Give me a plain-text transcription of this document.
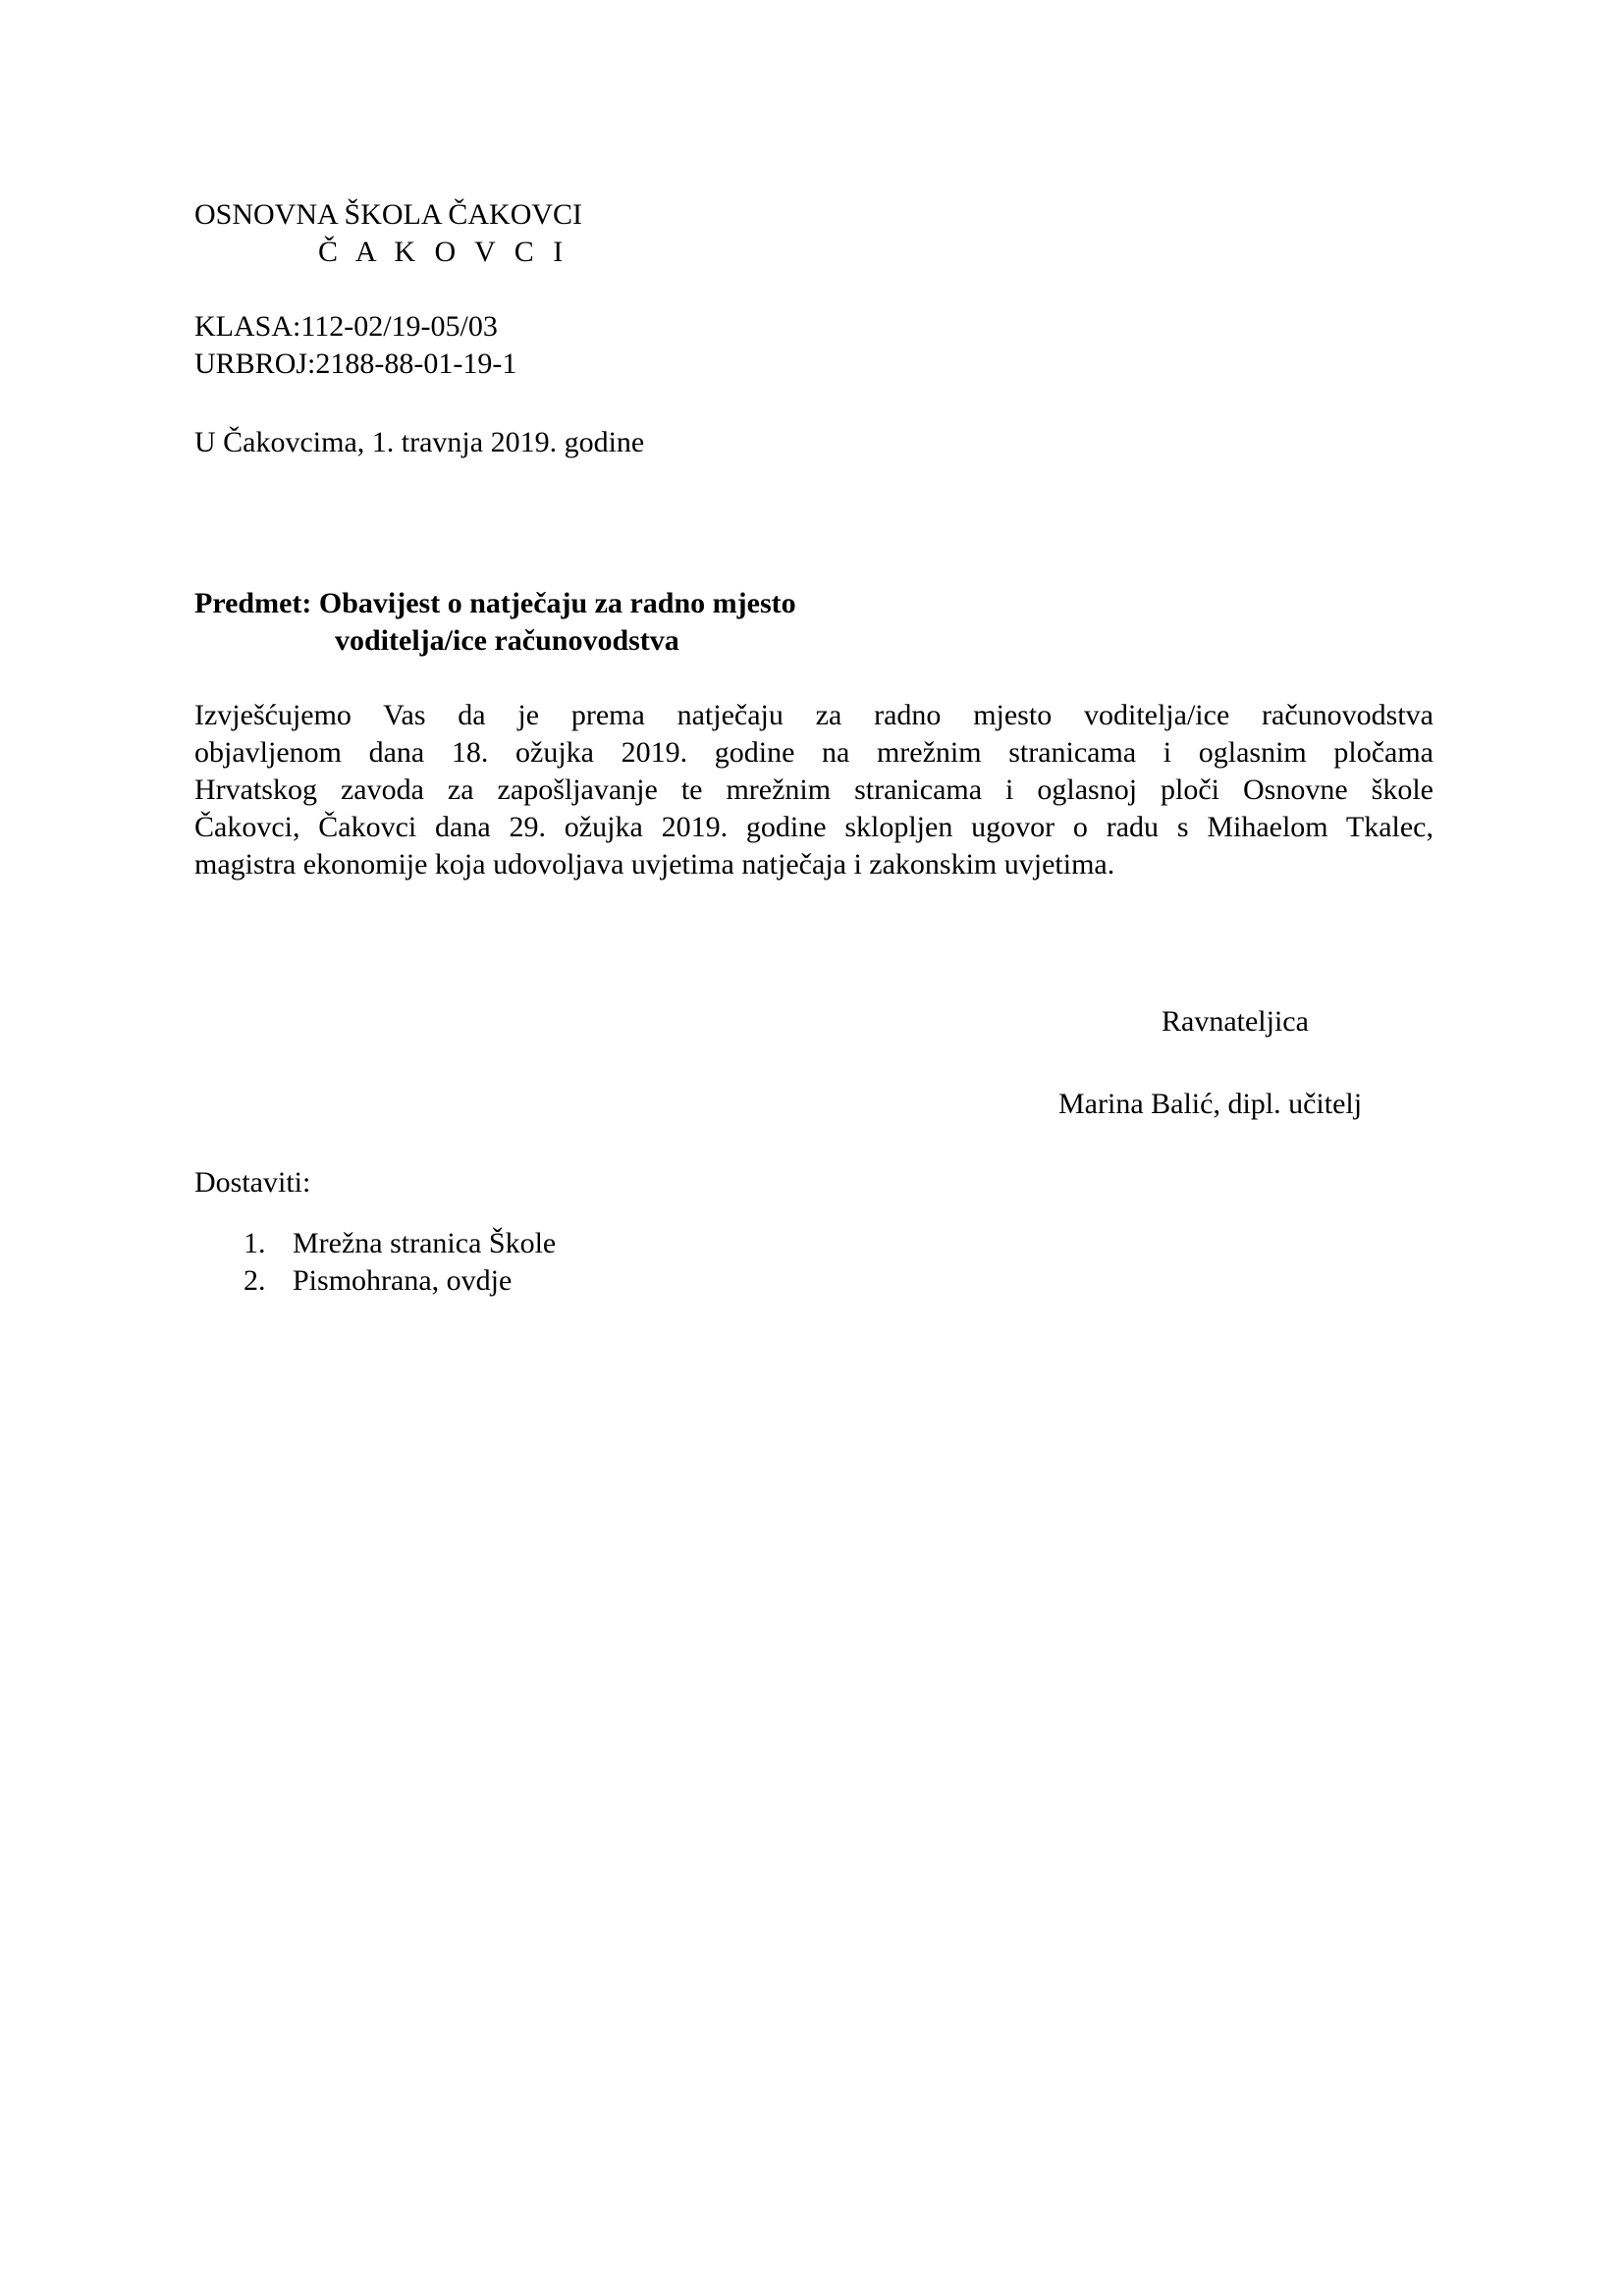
OSNOVNA ŠKOLA ČAKOVCI
Č A K O V C I
KLASA:112-02/19-05/03
URBROJ:2188-88-01-19-1
U Čakovcima, 1. travnja 2019. godine
Predmet: Obavijest o natječaju za radno mjesto
voditelja/ice računovodstva
Izvješćujemo Vas da je prema natječaju za radno mjesto voditelja/ice računovodstva
objavljenom dana 18. ožujka 2019. godine na mrežnim stranicama i oglasnim pločama
Hrvatskog zavoda za zapošljavanje te mrežnim stranicama i oglasnoj ploči Osnovne škole
Čakovci, Čakovci dana 29. ožujka 2019. godine sklopljen ugovor o radu s Mihaelom Tkalec,
magistra ekonomije koja udovoljava uvjetima natječaja i zakonskim uvjetima.
Ravnateljica
Marina Balić, dipl. učitelj
Dostaviti:
1. Mrežna stranica Škole
2. Pismohrana, ovdje
